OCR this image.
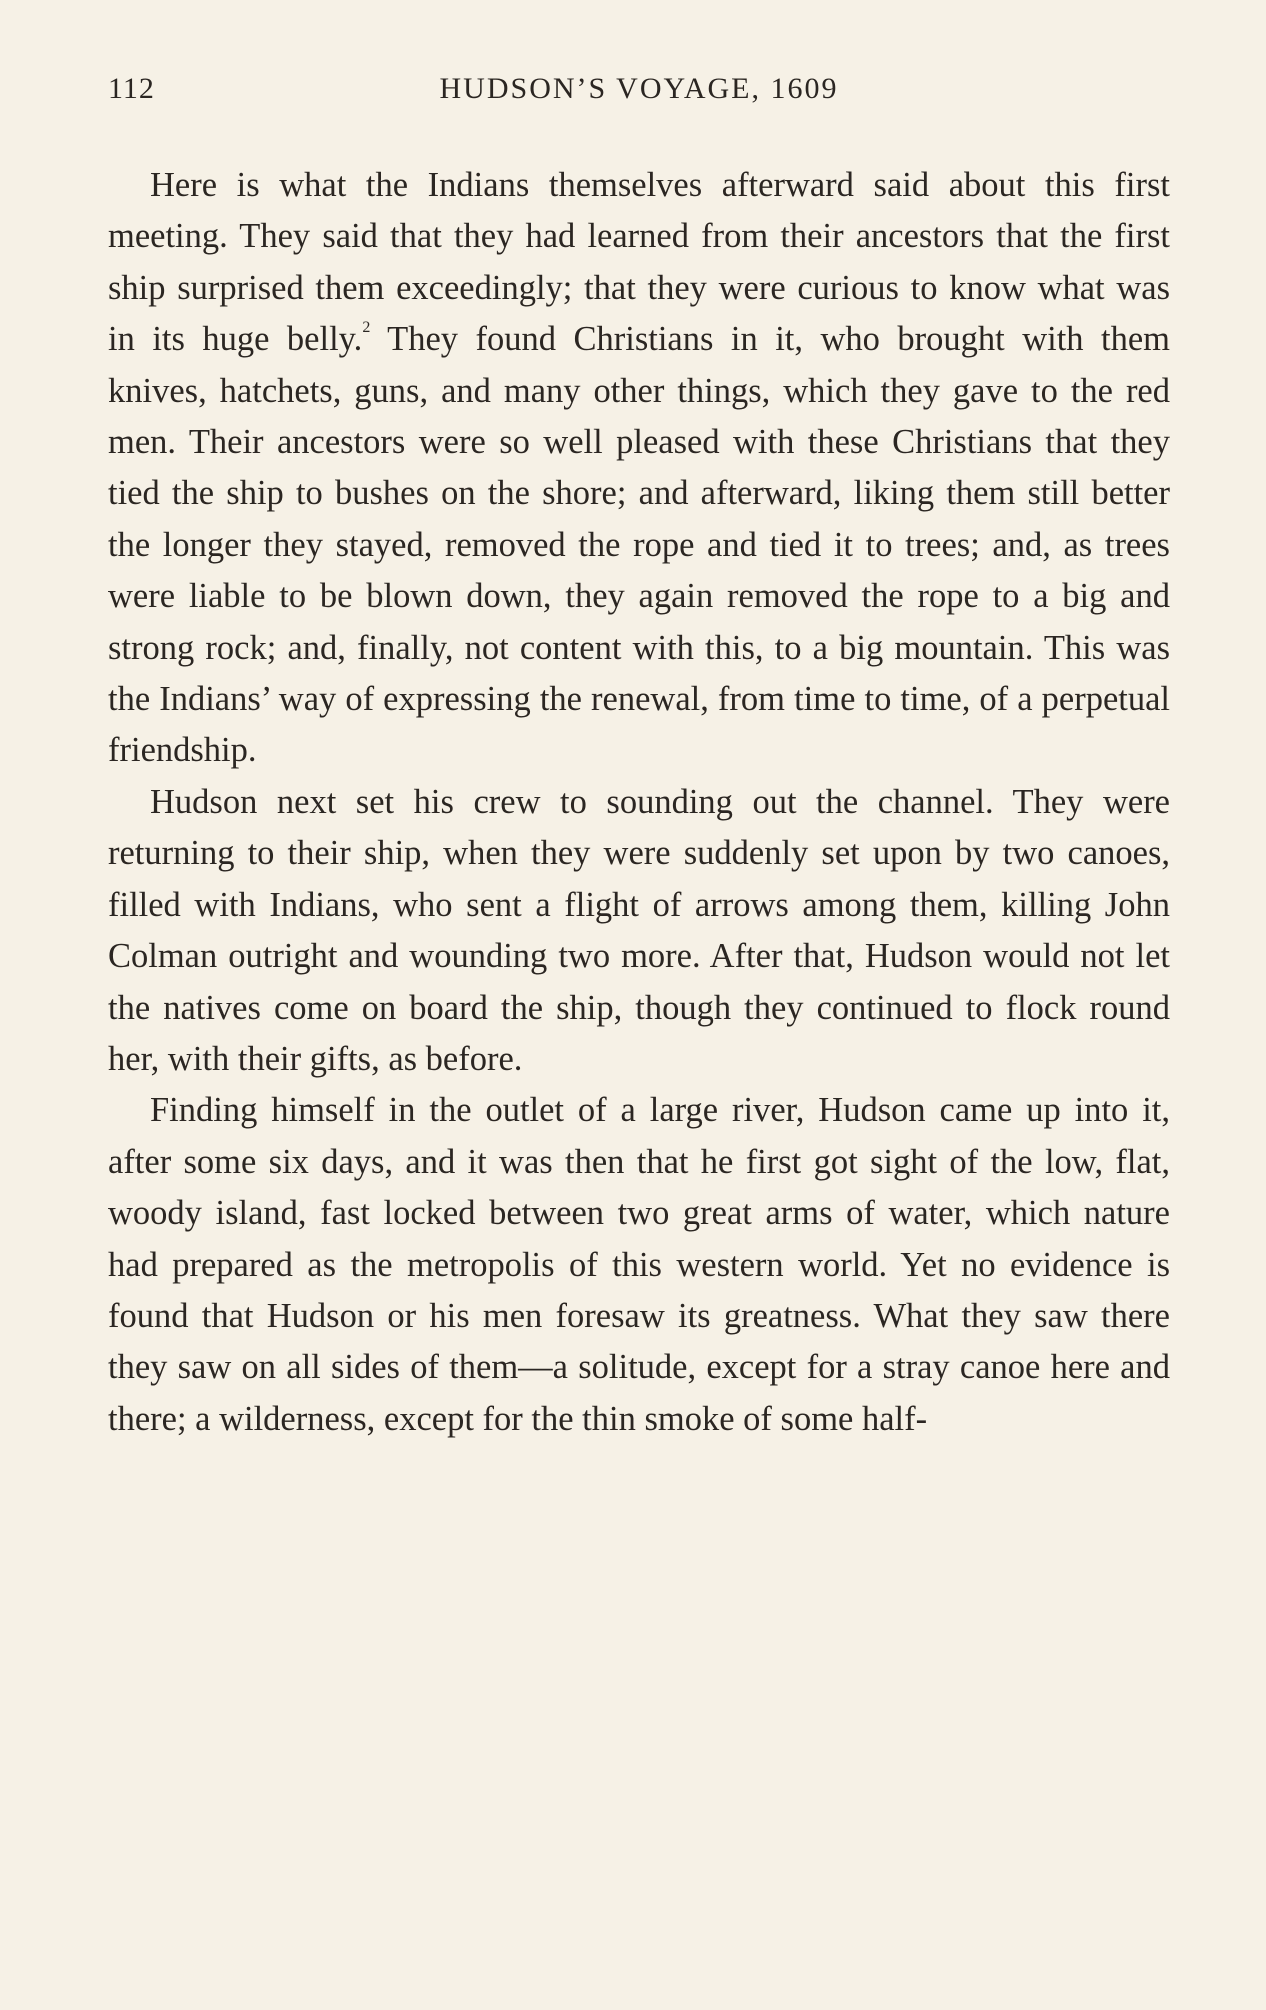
112	HUDSON’S VOYAGE, 1609

Here is what the Indians themselves afterward said about this first meeting. They said that they had learned from their ancestors that the first ship surprised them exceedingly; that they were curious to know what was in its huge belly.$^2$ They found Christians in it, who brought with them knives, hatchets, guns, and many other things, which they gave to the red men. Their ancestors were so well pleased with these Christians that they tied the ship to bushes on the shore; and afterward, liking them still better the longer they stayed, removed the rope and tied it to trees; and, as trees were liable to be blown down, they again removed the rope to a big and strong rock; and, finally, not content with this, to a big mountain. This was the Indians’ way of expressing the renewal, from time to time, of a perpetual friendship.

Hudson next set his crew to sounding out the channel. They were returning to their ship, when they were suddenly set upon by two canoes, filled with Indians, who sent a flight of arrows among them, killing John Colman outright and wounding two more. After that, Hudson would not let the natives come on board the ship, though they continued to flock round her, with their gifts, as before.

Finding himself in the outlet of a large river, Hudson came up into it, after some six days, and it was then that he first got sight of the low, flat, woody island, fast locked between two great arms of water, which nature had prepared as the metropolis of this western world. Yet no evidence is found that Hudson or his men foresaw its greatness. What they saw there they saw on all sides of them—a solitude, except for a stray canoe here and there; a wilderness, except for the thin smoke of some half-
